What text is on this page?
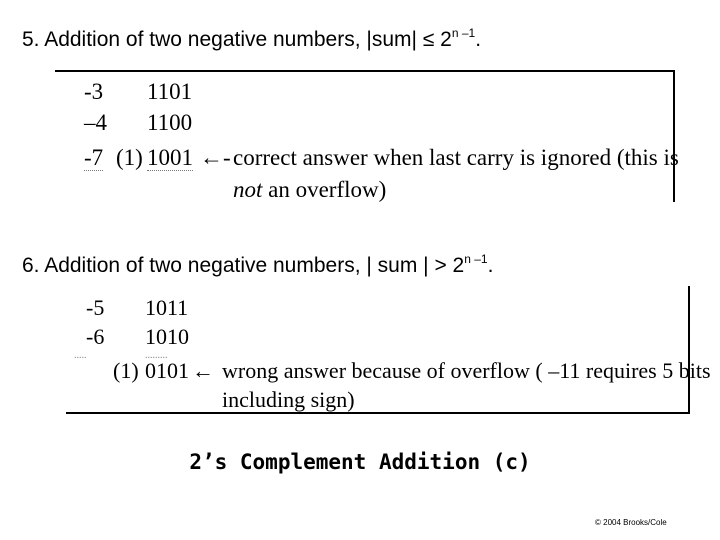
5. Addition of two negative numbers, $|sum| \le 2^{n -1}$.
-3 1101
–4 1100
-7 (1) 1001 ←- correct answer when last carry is ignored (this is
not an overflow)
6. Addition of two negative numbers, | sum | > $2^{n -1}$.
-5 1011
-6 1010
.....	.........
(1) 0101 ← wrong answer because of overflow ( –11 requires 5 bits
including sign)
2’s Complement Addition (c)
© 2004 Brooks/Cole
